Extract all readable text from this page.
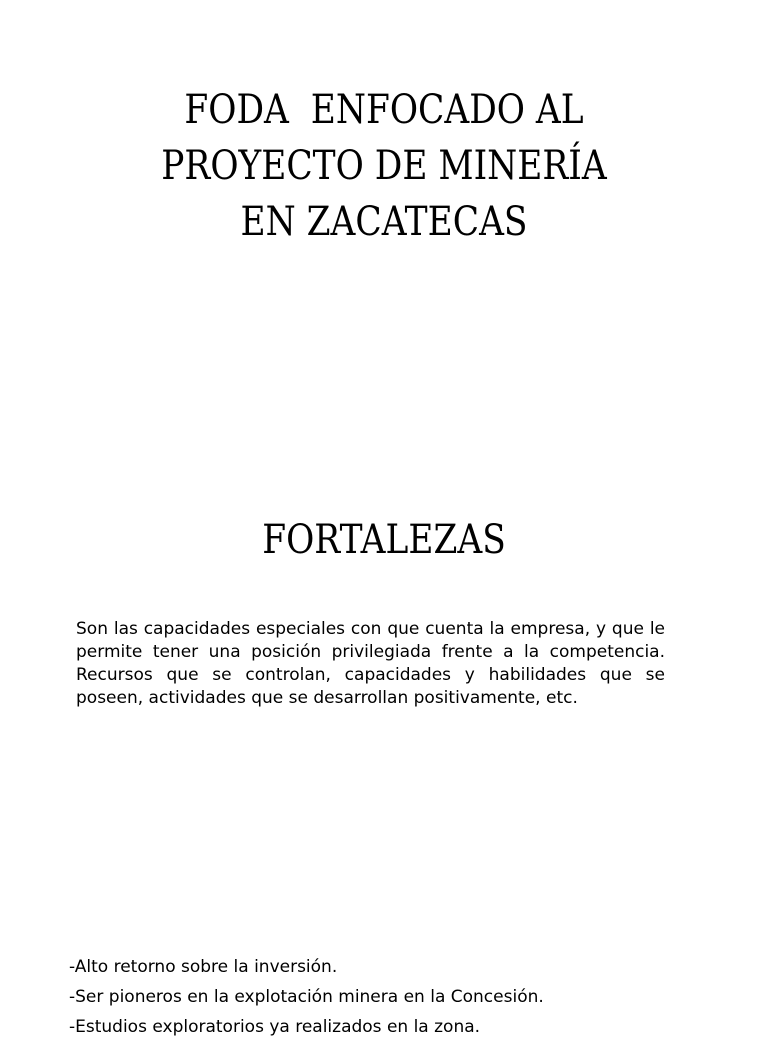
FODA  ENFOCADO AL
PROYECTO DE MINERÍA
EN ZACATECAS
FORTALEZAS

Son las capacidades especiales con que cuenta la empresa, y que le permite tener una posición privilegiada frente a la competencia. Recursos que se controlan, capacidades y habilidades que se poseen, actividades que se desarrollan positivamente, etc.

-Alto retorno sobre la inversión.
-Ser pioneros en la explotación minera en la Concesión.
-Estudios exploratorios ya realizados en la zona.
